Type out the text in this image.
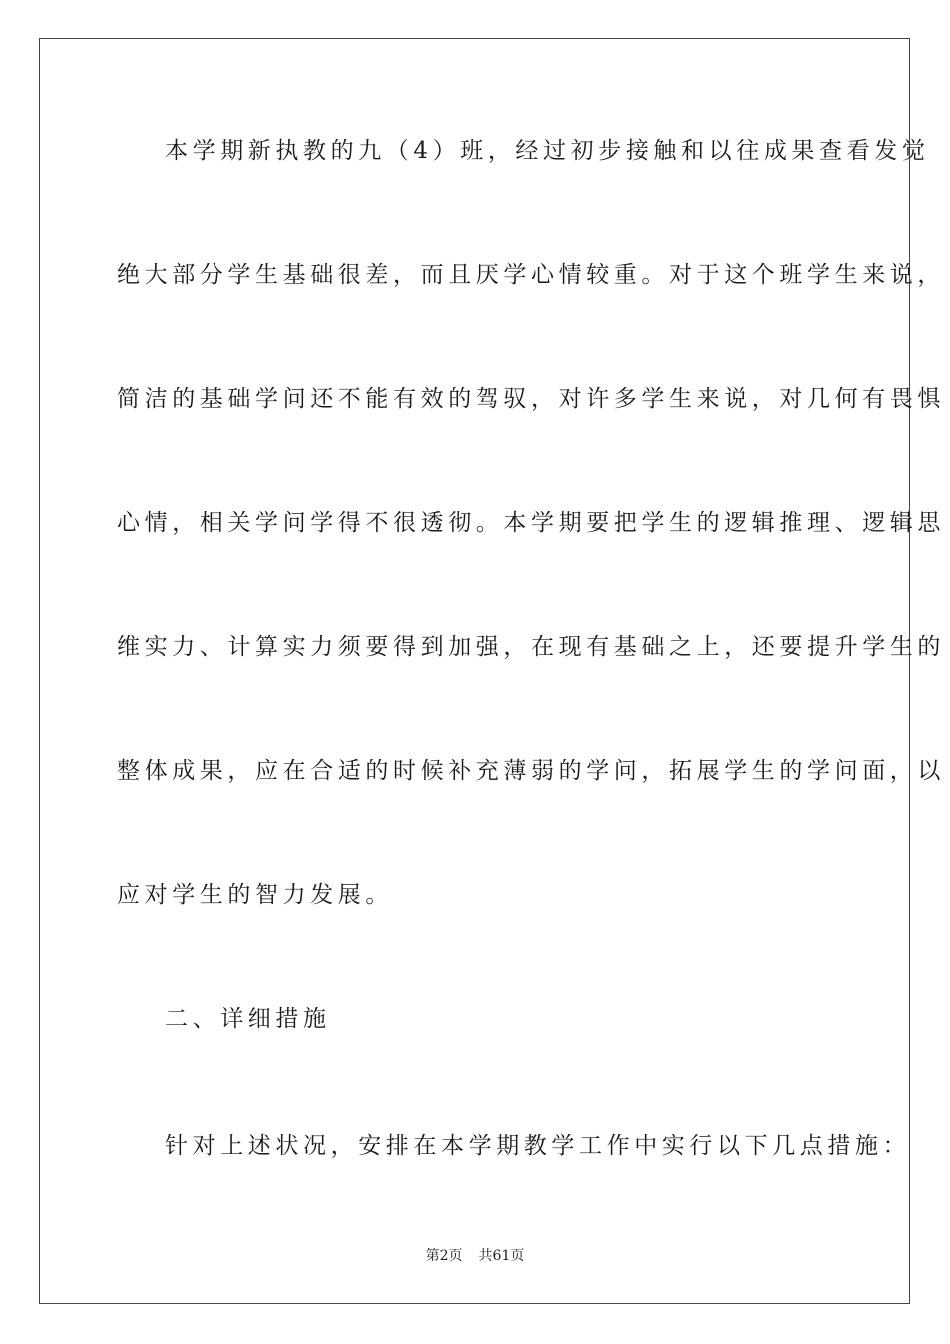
本学期新执教的九（4）班，经过初步接触和以往成果查看发觉
绝大部分学生基础很差，而且厌学心情较重。对于这个班学生来说，
简洁的基础学问还不能有效的驾驭，对许多学生来说，对几何有畏惧
心情，相关学问学得不很透彻。本学期要把学生的逻辑推理、逻辑思
维实力、计算实力须要得到加强，在现有基础之上，还要提升学生的
整体成果，应在合适的时候补充薄弱的学问，拓展学生的学问面，以
应对学生的智力发展。
二、详细措施
针对上述状况，安排在本学期教学工作中实行以下几点措施：
第2页 共61页
